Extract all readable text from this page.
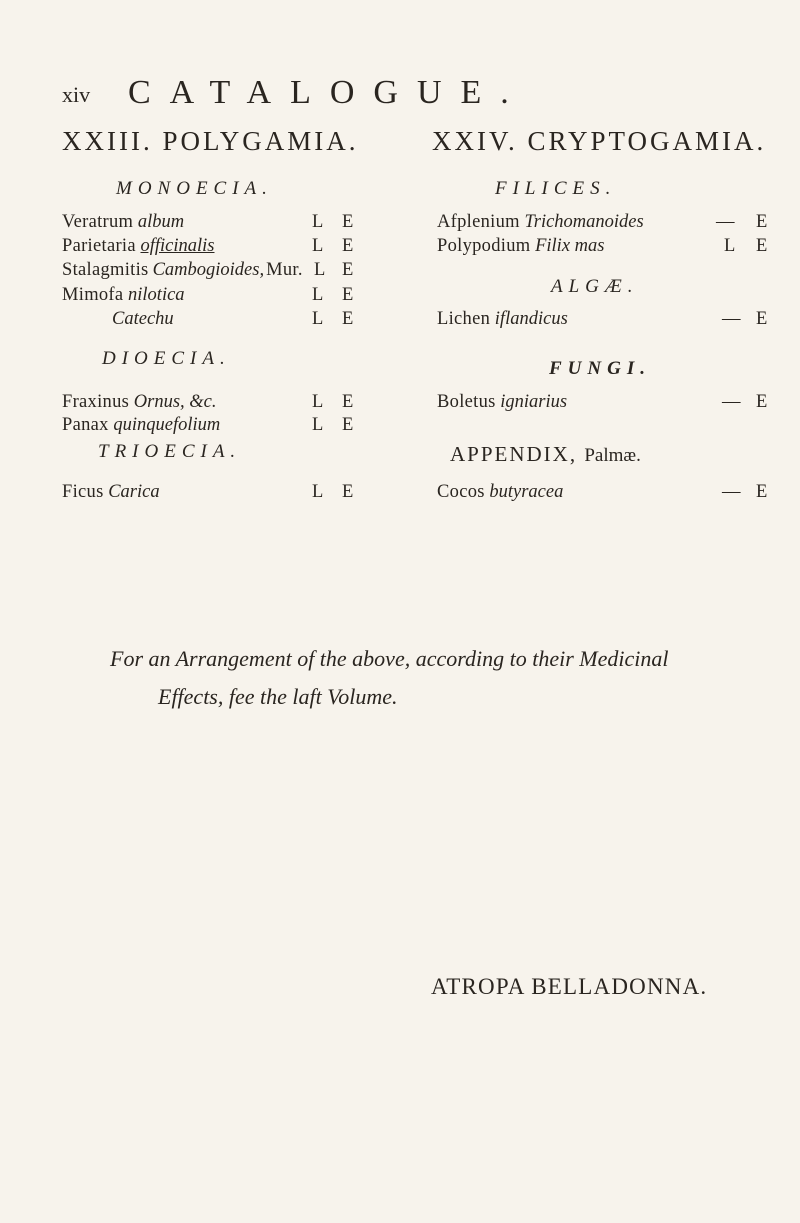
xiv CATALOGUE.
XXIII. POLYGAMIA.	XXIV. CRYPTOGAMIA.
MONOECIA.
Veratrum album	L E
Parietaria officinalis	L E
Stalagmitis Cambogioides, Mur. L E
Mimofa nilotica	L E
Catechu	L E
DIOECIA.
Fraxinus Ornus, &c.	L E
Panax quinquefolium	L E
TRIOECIA.
Ficus Carica	L E
FILICES.
Afplenium Trichomanoides	— E
Polypodium Filix mas	L E
ALGÆ.
Lichen iflandicus	— E
FUNGI.
Boletus igniarius	— E
APPENDIX, Palmæ.
Cocos butyracea	— E
For an Arrangement of the above, according to their Medicinal
Effects, fee the laft Volume.
ATROPA BELLADONNA.
